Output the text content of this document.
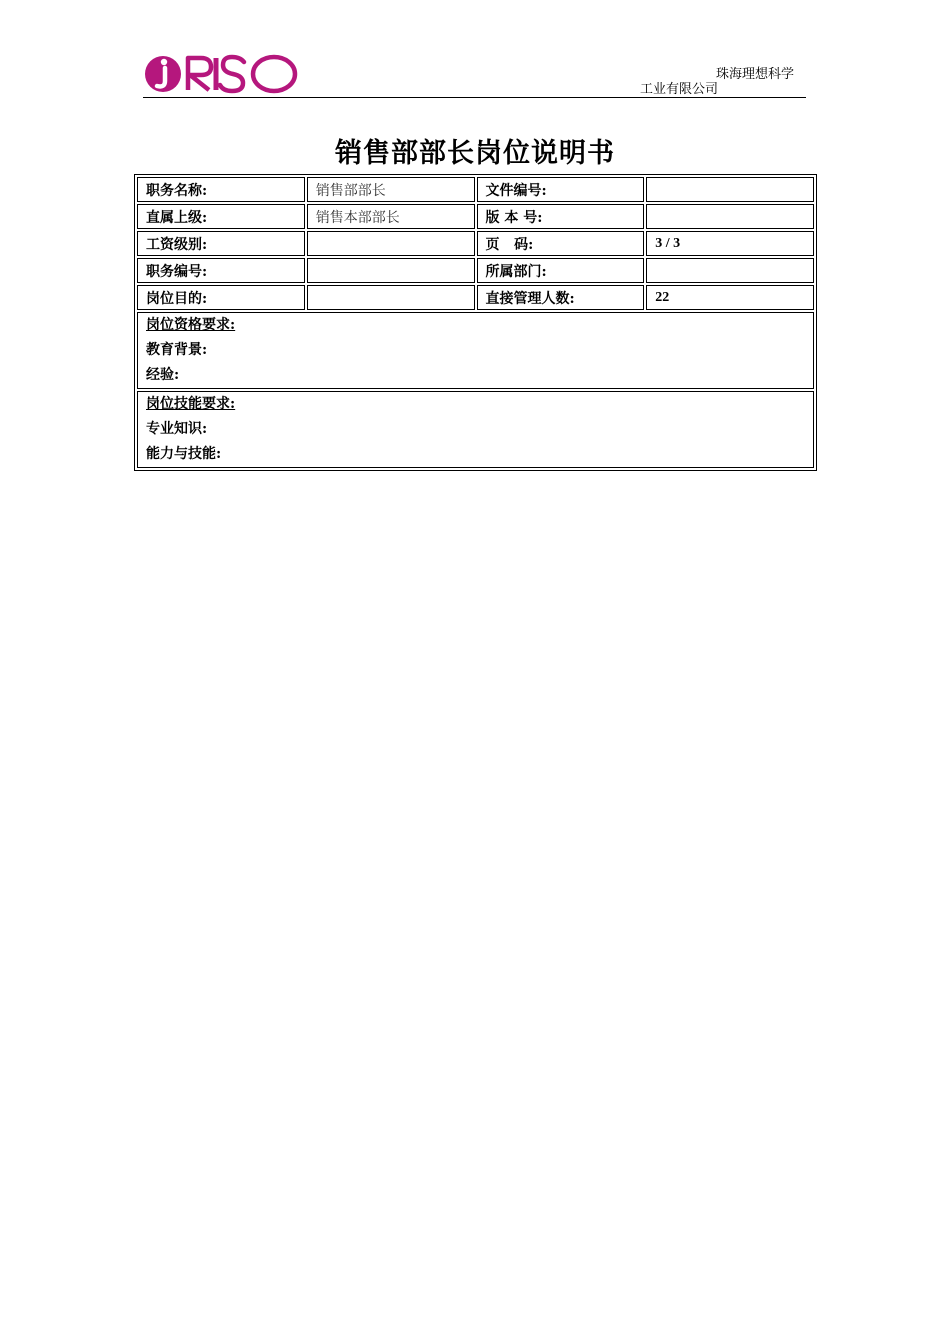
珠海理想科学
工业有限公司
销售部部长岗位说明书
职务名称:	销售部部长	文件编号:	
直属上级:	销售本部部长	版 本 号:	
工资级别:		页   码:	3 / 3
职务编号:		所属部门:	
岗位目的:		直接管理人数:	22

岗位资格要求:
教育背景:
经验:			

岗位技能要求:
专业知识:
能力与技能:			
